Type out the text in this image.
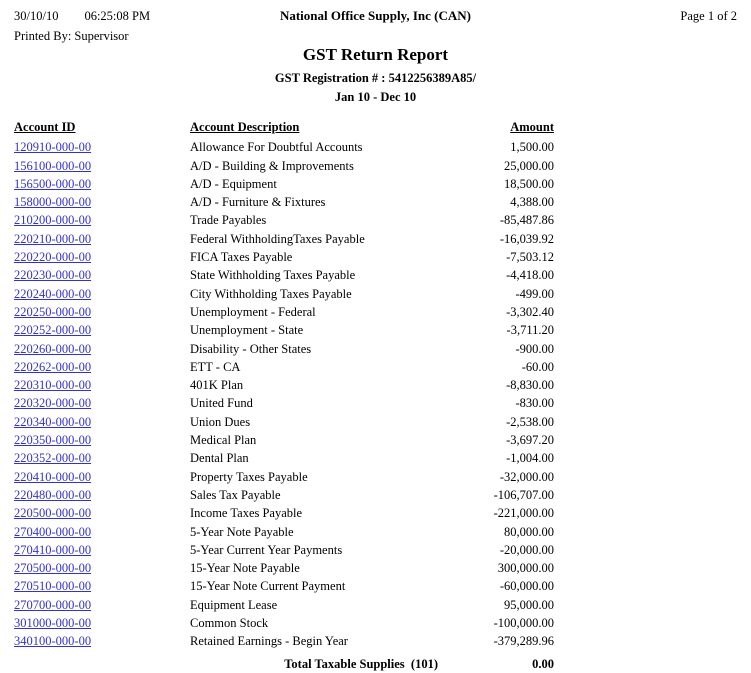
30/10/10 06:25:08 PM	National Office Supply, Inc (CAN)	Page 1 of 2
Printed By: Supervisor
GST Return Report
GST Registration # : 5412256389A85/
Jan 10 - Dec 10
Account ID	Account Description	Amount
120910-000-00	Allowance For Doubtful Accounts	1,500.00
156100-000-00	A/D - Building & Improvements	25,000.00
156500-000-00	A/D - Equipment	18,500.00
158000-000-00	A/D - Furniture & Fixtures	4,388.00
210200-000-00	Trade Payables	-85,487.86
220210-000-00	Federal WithholdingTaxes Payable	-16,039.92
220220-000-00	FICA Taxes Payable	-7,503.12
220230-000-00	State Withholding Taxes Payable	-4,418.00
220240-000-00	City Withholding Taxes Payable	-499.00
220250-000-00	Unemployment - Federal	-3,302.40
220252-000-00	Unemployment - State	-3,711.20
220260-000-00	Disability - Other States	-900.00
220262-000-00	ETT - CA	-60.00
220310-000-00	401K Plan	-8,830.00
220320-000-00	United Fund	-830.00
220340-000-00	Union Dues	-2,538.00
220350-000-00	Medical Plan	-3,697.20
220352-000-00	Dental Plan	-1,004.00
220410-000-00	Property Taxes Payable	-32,000.00
220480-000-00	Sales Tax Payable	-106,707.00
220500-000-00	Income Taxes Payable	-221,000.00
270400-000-00	5-Year Note Payable	80,000.00
270410-000-00	5-Year Current Year Payments	-20,000.00
270500-000-00	15-Year Note Payable	300,000.00
270510-000-00	15-Year Note Current Payment	-60,000.00
270700-000-00	Equipment Lease	95,000.00
301000-000-00	Common Stock	-100,000.00
340100-000-00	Retained Earnings - Begin Year	-379,289.96
Total Taxable Supplies  (101)		0.00
